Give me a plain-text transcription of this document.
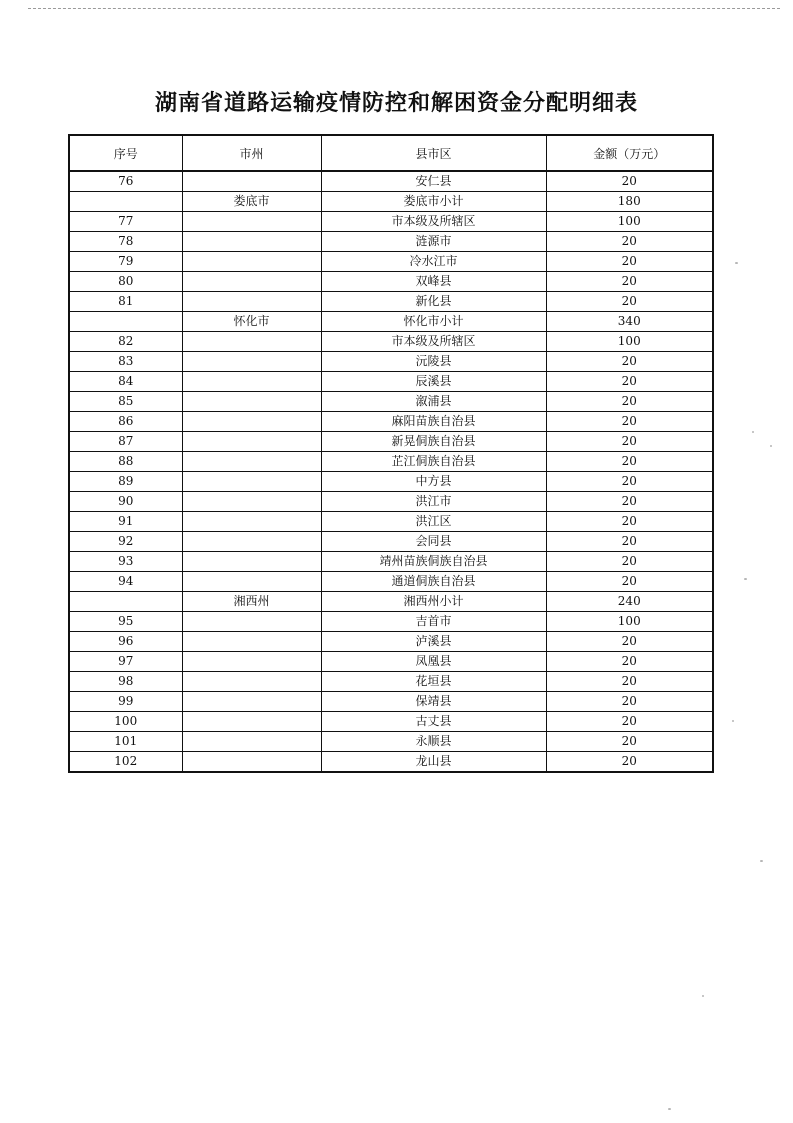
湖南省道路运输疫情防控和解困资金分配明细表
序号	市州	县市区	金额（万元）
76		安仁县	20
	娄底市	娄底市小计	180
77		市本级及所辖区	100
78		涟源市	20
79		冷水江市	20
80		双峰县	20
81		新化县	20
	怀化市	怀化市小计	340
82		市本级及所辖区	100
83		沅陵县	20
84		辰溪县	20
85		溆浦县	20
86		麻阳苗族自治县	20
87		新晃侗族自治县	20
88		芷江侗族自治县	20
89		中方县	20
90		洪江市	20
91		洪江区	20
92		会同县	20
93		靖州苗族侗族自治县	20
94		通道侗族自治县	20
	湘西州	湘西州小计	240
95		吉首市	100
96		泸溪县	20
97		凤凰县	20
98		花垣县	20
99		保靖县	20
100		古丈县	20
101		永顺县	20
102		龙山县	20
